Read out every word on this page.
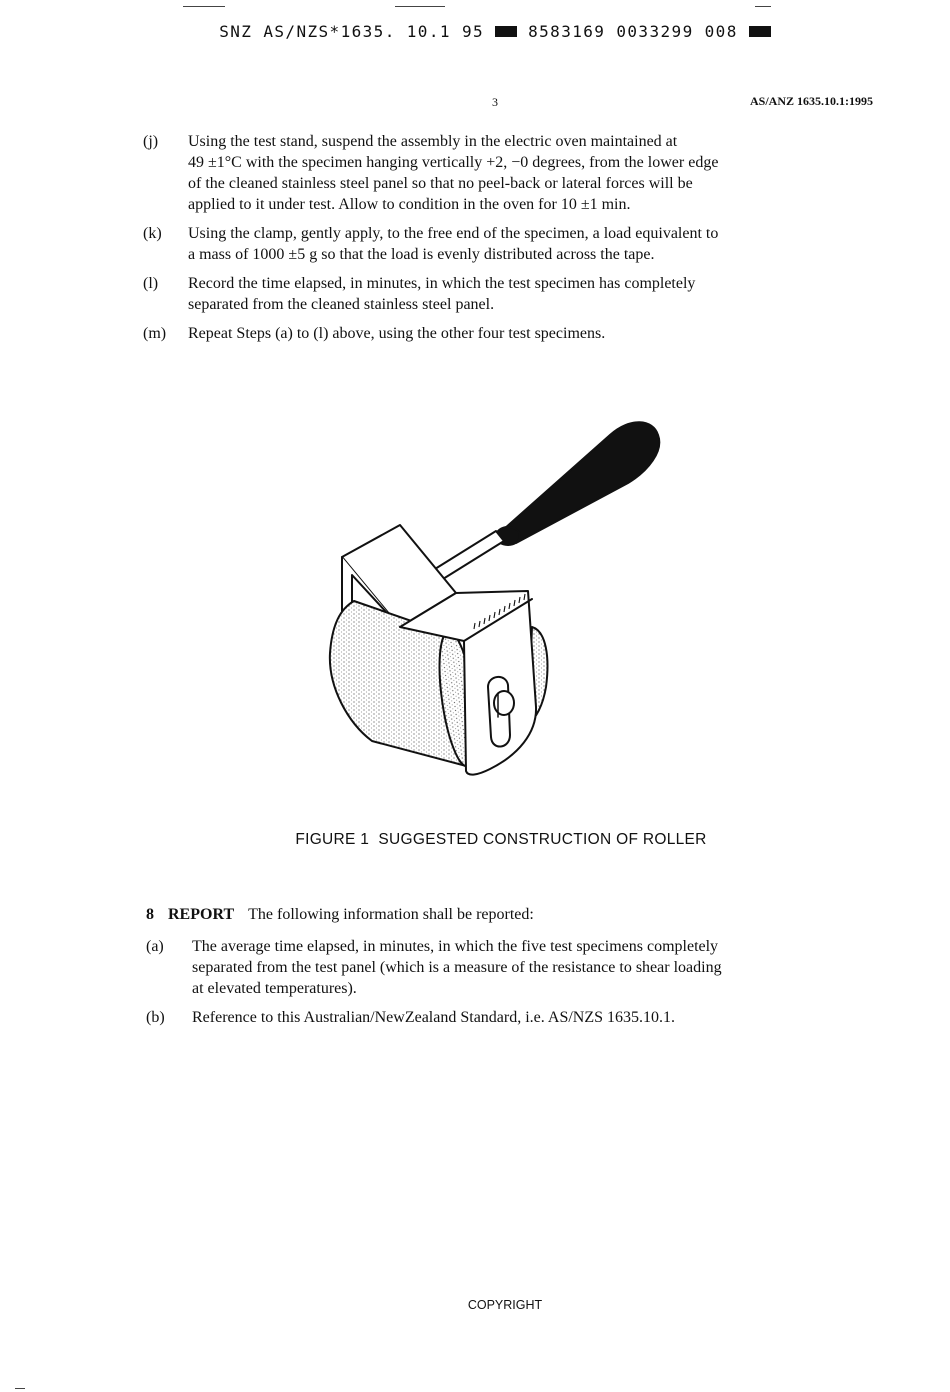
SNZ AS/NZS*1635. 10.1 95	8583169 0033299 008
3	AS/ANZ 1635.10.1:1995
(j) Using the test stand, suspend the assembly in the electric oven maintained at
49 ±1°C with the specimen hanging vertically +2, −0 degrees, from the lower edge
of the cleaned stainless steel panel so that no peel-back or lateral forces will be
applied to it under test. Allow to condition in the oven for 10 ±1 min.
(k) Using the clamp, gently apply, to the free end of the specimen, a load equivalent to
a mass of 1000 ±5 g so that the load is evenly distributed across the tape.
(l) Record the time elapsed, in minutes, in which the test specimen has completely
separated from the cleaned stainless steel panel.
(m) Repeat Steps (a) to (l) above, using the other four test specimens.
FIGURE 1  SUGGESTED CONSTRUCTION OF ROLLER
8 REPORT The following information shall be reported:
(a) The average time elapsed, in minutes, in which the five test specimens completely
separated from the test panel (which is a measure of the resistance to shear loading
at elevated temperatures).
(b) Reference to this Australian/NewZealand Standard, i.e. AS/NZS 1635.10.1.
COPYRIGHT
